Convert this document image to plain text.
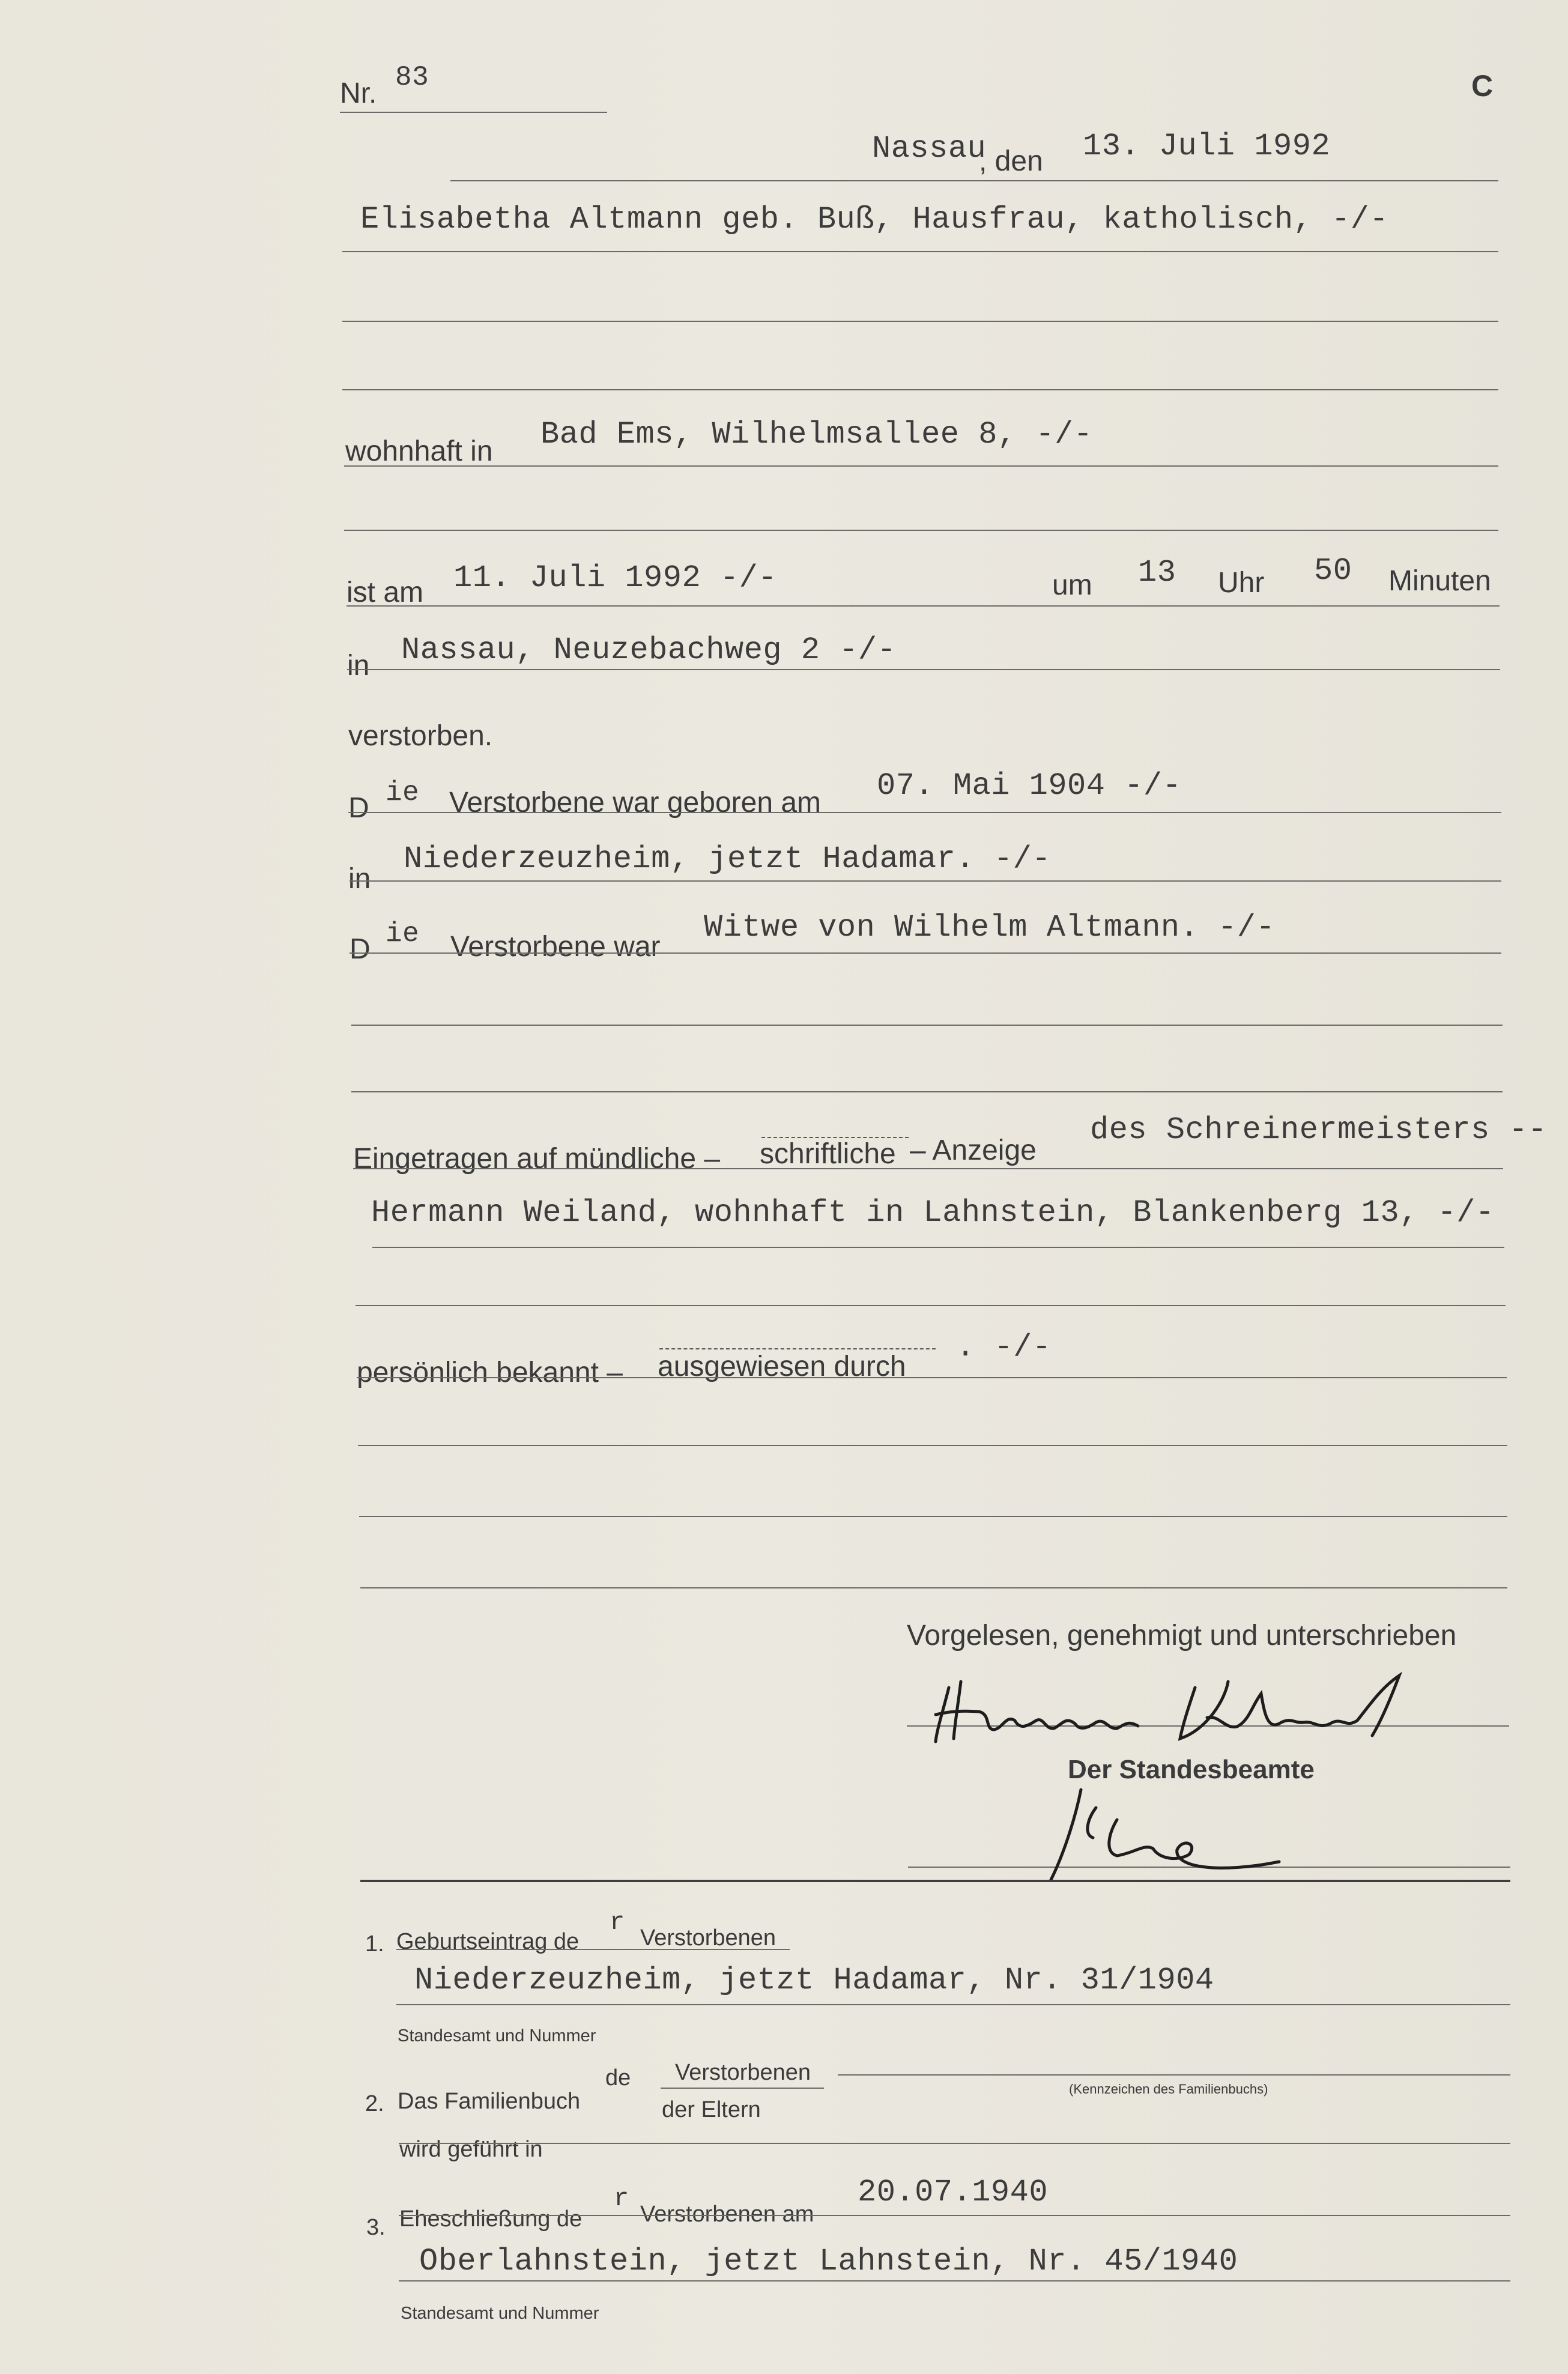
C
Nr. 83
Nassau
, den 13. Juli 1992
Elisabetha Altmann geb. Buß, Hausfrau, katholisch, -/-
wohnhaft in Bad Ems, Wilhelmsallee 8, -/-
ist am 11. Juli 1992 -/-	um 13 Uhr 50 Minuten
in Nassau, Neuzebachweg 2 -/-
verstorben.
D ie Verstorbene war geboren am 07. Mai 1904 -/-
in
Niederzeuzheim, jetzt Hadamar. -/-
D ie Verstorbene war
Witwe von Wilhelm Altmann. -/-
Eingetragen auf mündliche – schriftliche – Anzeige
des Schreinermeisters --
Hermann Weiland, wohnhaft in Lahnstein, Blankenberg 13, -/-
persönlich bekannt – ausgewiesen durch
. -/-
Vorgelesen, genehmigt und unterschrieben
Der Standesbeamte
1. Geburtseintrag de
r
Verstorbenen
Niederzeuzheim, jetzt Hadamar, Nr. 31/1904
Standesamt und Nummer
2. Das Familienbuch
de Verstorbenen
der Eltern
(Kennzeichen des Familienbuchs)
wird geführt in
3. Eheschließung de
r
Verstorbenen am
20.07.1940
Oberlahnstein, jetzt Lahnstein, Nr. 45/1940
Standesamt und Nummer
